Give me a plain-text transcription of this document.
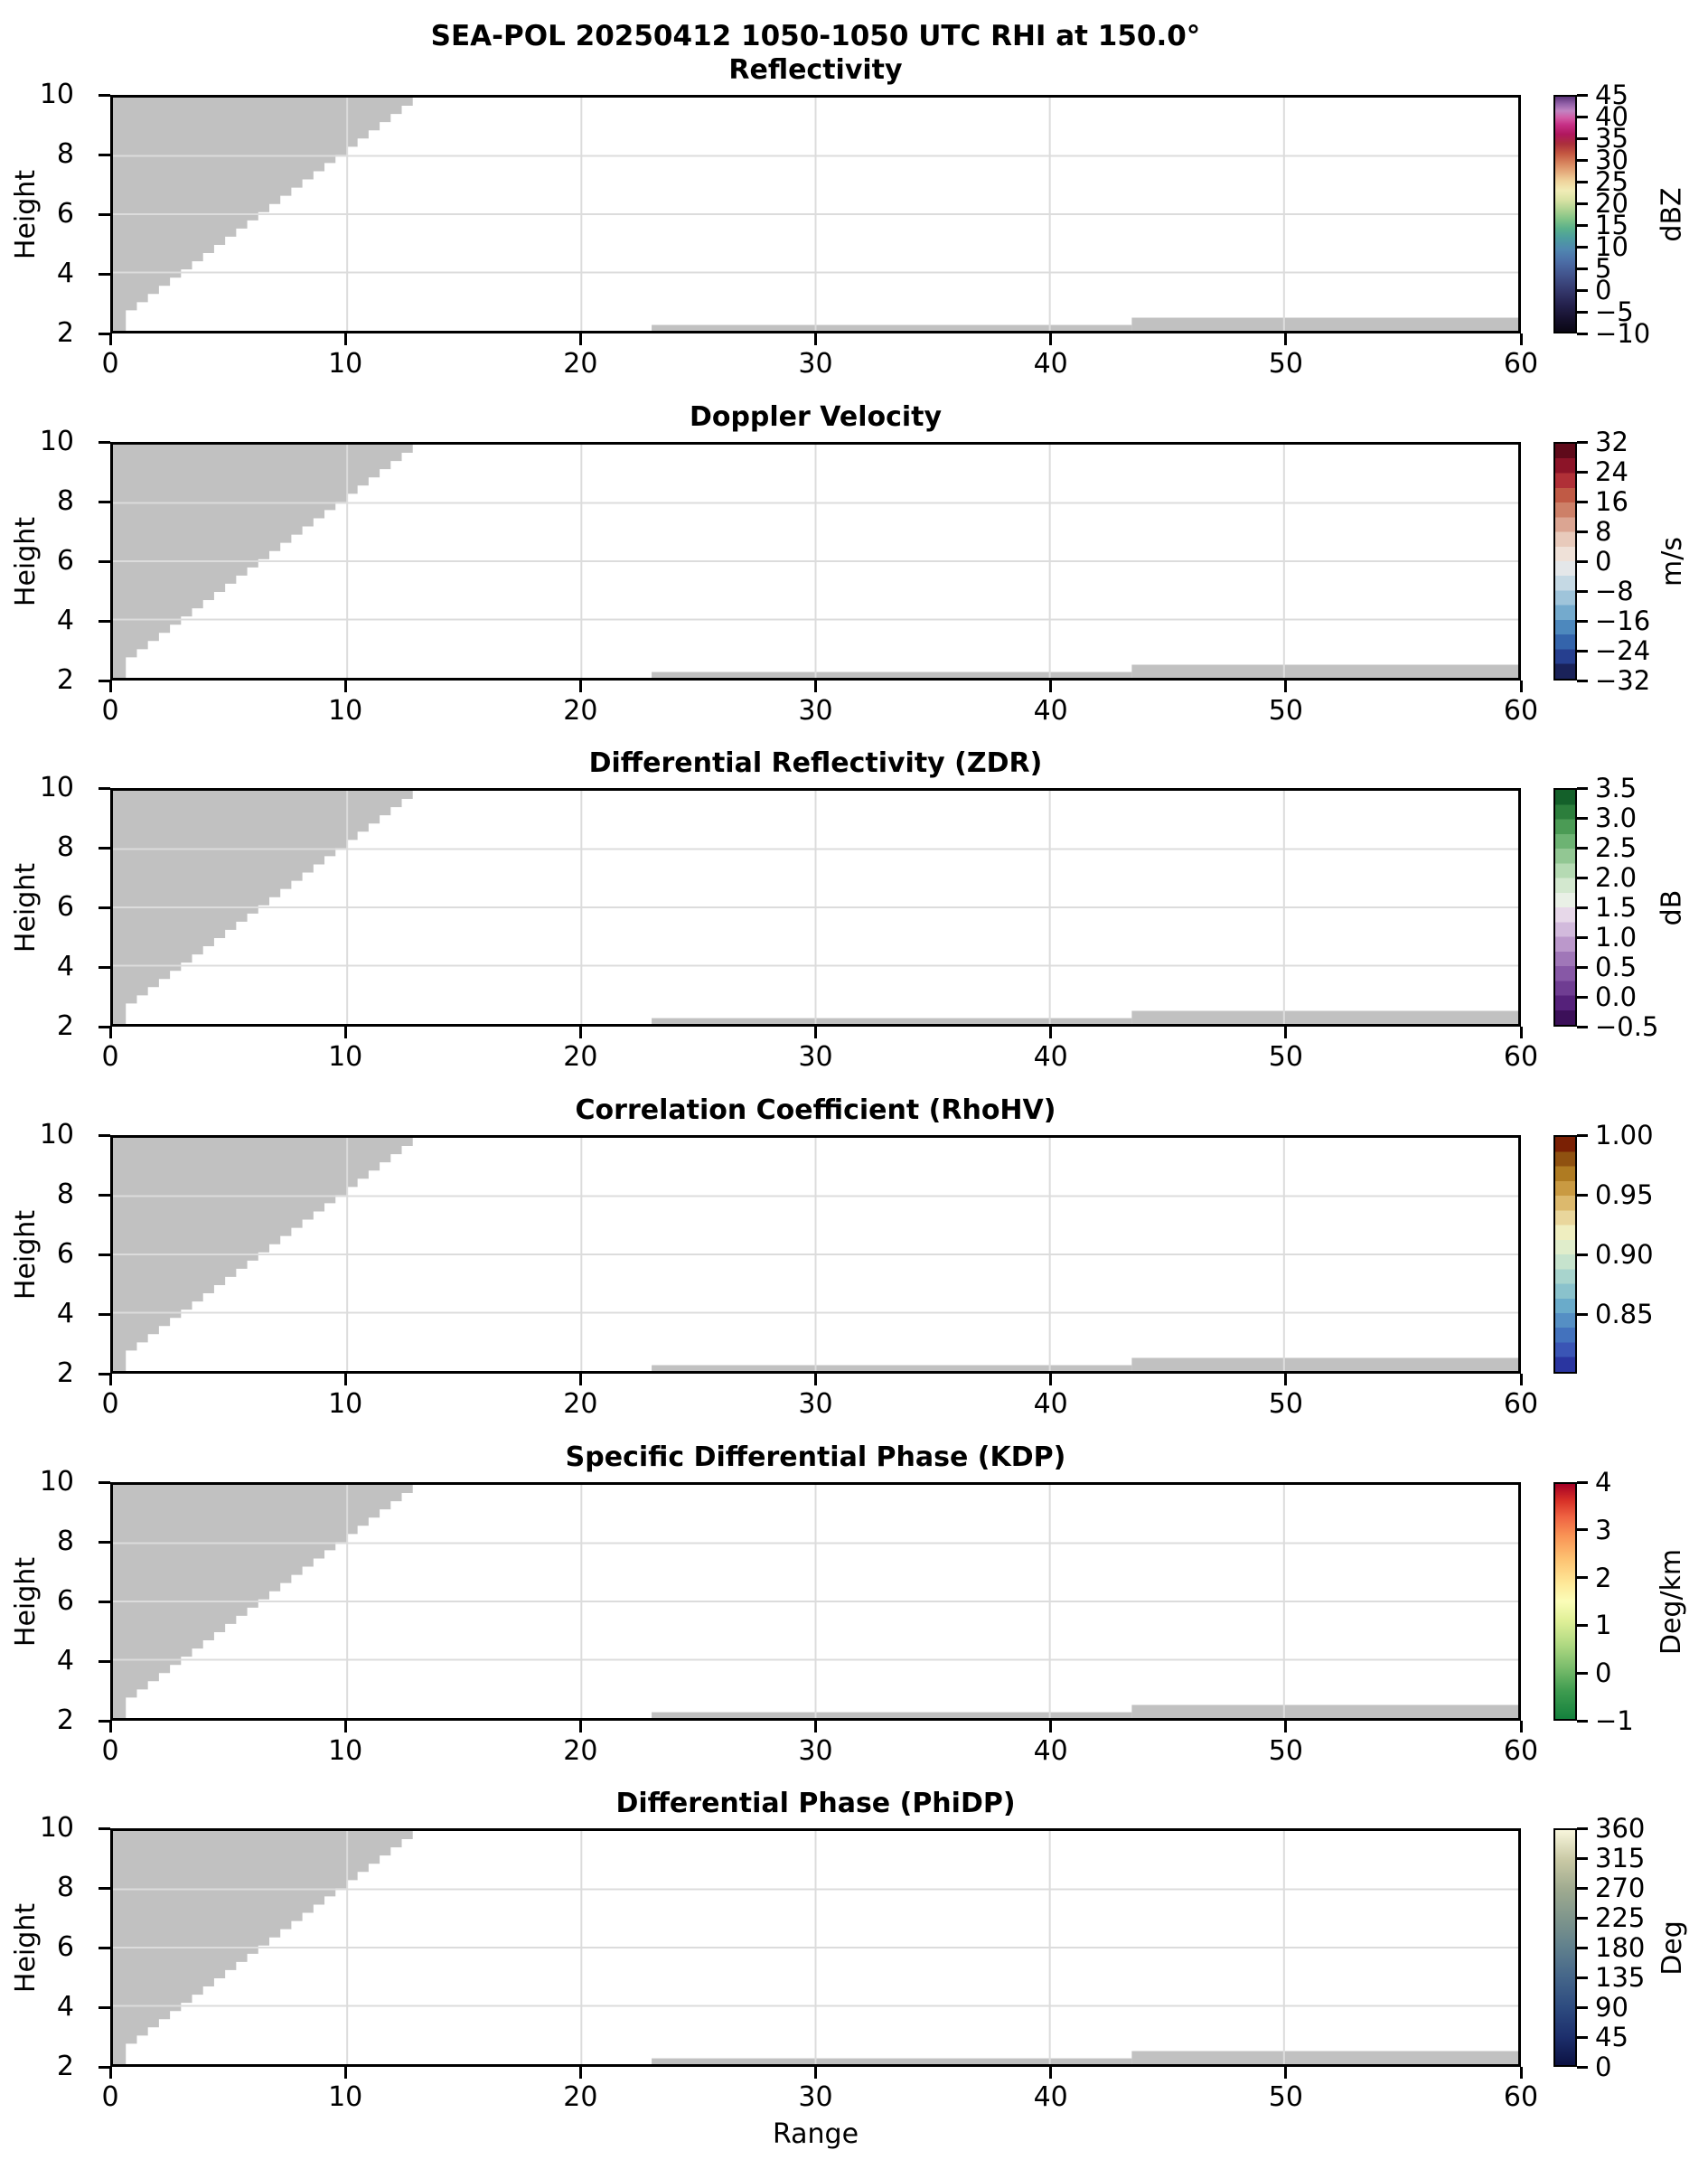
SEA-POL 20250412 1050-1050 UTC RHI at 150.0°
Reflectivity
2
4
6
8
10
0	10	20	30	40	50	60
Height
−10
−5
0
5
10
15
20
25
30
35
40
45
dBZ
Doppler Velocity
2
4
6
8
10
0	10	20	30	40	50	60
Height
−32
−24
−16
−8
0
8
16
24
32
m/s
Differential Reflectivity (ZDR)
2
4
6
8
10
0	10	20	30	40	50	60
Height
−0.5
0.0
0.5
1.0
1.5
2.0
2.5
3.0
3.5
dB
Correlation Coefficient (RhoHV)
2
4
6
8
10
0	10	20	30	40	50	60
Height
0.85
0.90
0.95
1.00
Specific Differential Phase (KDP)
2
4
6
8
10
0	10	20	30	40	50	60
Height
−1
0
1
2
3
4
Deg/km
Differential Phase (PhiDP)
2
4
6
8
10
0	10	20	30	40	50	60
Height
0
45
90
135
180
225
270
315
360
Deg
Range
